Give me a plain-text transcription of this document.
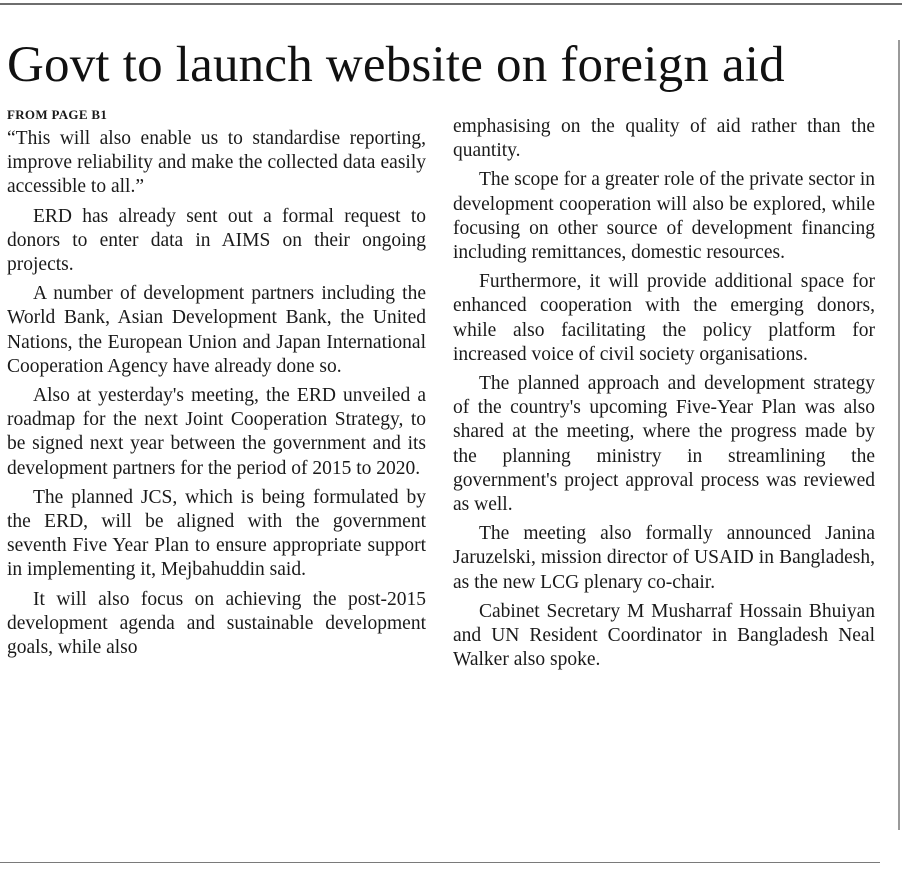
Govt to launch website on foreign aid
FROM PAGE B1

“This will also enable us to standardise reporting, improve reliability and make the collected data easily accessible to all.”

ERD has already sent out a formal request to donors to enter data in AIMS on their ongoing projects.

A number of development partners including the World Bank, Asian Development Bank, the United Nations, the European Union and Japan International Cooperation Agency have already done so.

Also at yesterday's meeting, the ERD unveiled a roadmap for the next Joint Cooperation Strategy, to be signed next year between the government and its development partners for the period of 2015 to 2020.

The planned JCS, which is being formulated by the ERD, will be aligned with the government seventh Five Year Plan to ensure appropriate support in implementing it, Mejbahuddin said.

It will also focus on achieving the post-2015 development agenda and sustainable development goals, while also

emphasising on the quality of aid rather than the quantity.

The scope for a greater role of the private sector in development cooperation will also be explored, while focusing on other source of development financing including remittances, domestic resources.

Furthermore, it will provide additional space for enhanced cooperation with the emerging donors, while also facilitating the policy platform for increased voice of civil society organisations.

The planned approach and development strategy of the country's upcoming Five-Year Plan was also shared at the meeting, where the progress made by the planning ministry in streamlining the government's project approval process was reviewed as well.

The meeting also formally announced Janina Jaruzelski, mission director of USAID in Bangladesh, as the new LCG plenary co-chair.

Cabinet Secretary M Musharraf Hossain Bhuiyan and UN Resident Coordinator in Bangladesh Neal Walker also spoke.
